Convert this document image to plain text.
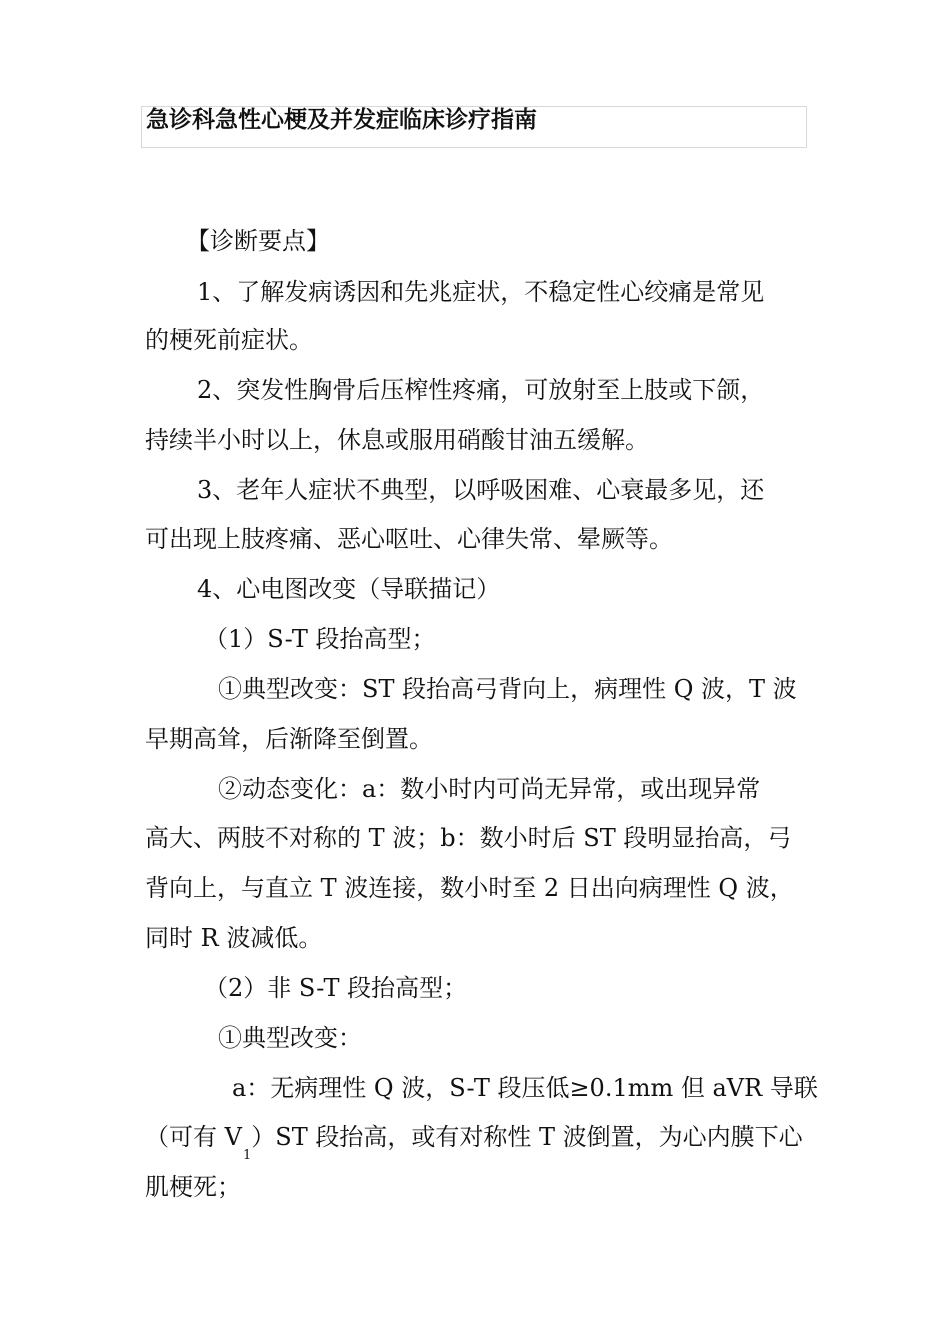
急诊科急性心梗及并发症临床诊疗指南
【诊断要点】
1、了解发病诱因和先兆症状，不稳定性心绞痛是常见
的梗死前症状。
2、突发性胸骨后压榨性疼痛，可放射至上肢或下颌，
持续半小时以上，休息或服用硝酸甘油五缓解。
3、老年人症状不典型，以呼吸困难、心衰最多见，还
可出现上肢疼痛、恶心呕吐、心律失常、晕厥等。
4、心电图改变（导联描记）
（1）S-T 段抬高型；
①典型改变：ST 段抬高弓背向上，病理性 Q 波，T 波
早期高耸，后渐降至倒置。
②动态变化：a：数小时内可尚无异常，或出现异常
高大、两肢不对称的 T 波；b：数小时后 ST 段明显抬高，弓
背向上，与直立 T 波连接，数小时至 2 日出向病理性 Q 波，
同时 R 波减低。
（2）非 S-T 段抬高型；
①典型改变：
a：无病理性 Q 波，S-T 段压低≥0.1mm 但 aVR 导联
（可有 $V_1)ST$ 段抬高，或有对称性 T 波倒置，为心内膜下心
肌梗死；
